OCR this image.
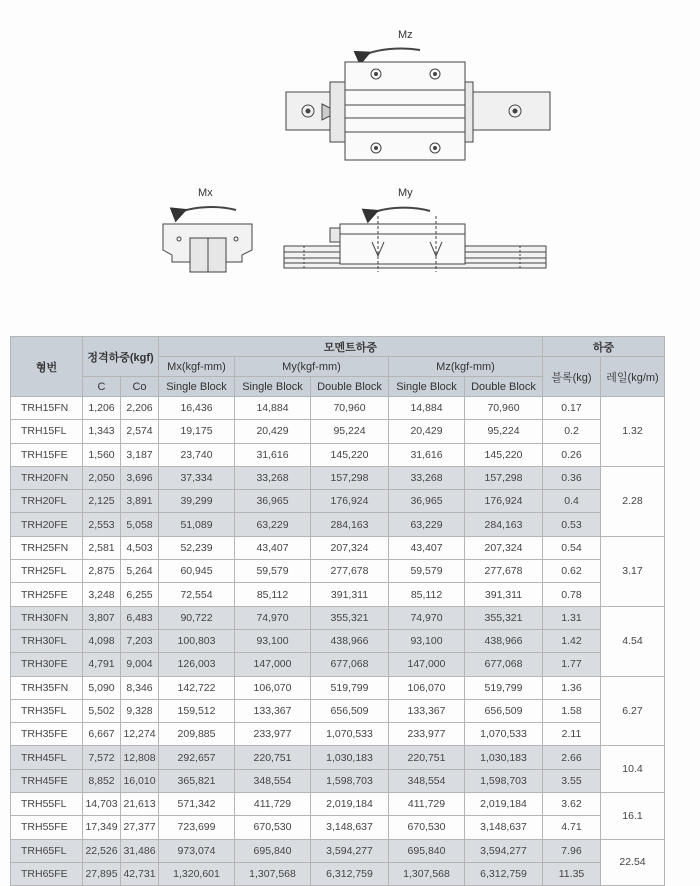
Mz
Mx	My
형번	정격하중(kgf)		모멘트하중					하중	
			Mx(kgf-mm)	My(kgf-mm)		Mz(kgf-mm)		블록(kg)	레일(kg/m)
	C	Co	Single Block	Single Block	Double Block	Single Block	Double Block		
TRH15FN	1,206	2,206	16,436	14,884	70,960	14,884	70,960	0.17	1.32
TRH15FL	1,343	2,574	19,175	20,429	95,224	20,429	95,224	0.2	
TRH15FE	1,560	3,187	23,740	31,616	145,220	31,616	145,220	0.26	
TRH20FN	2,050	3,696	37,334	33,268	157,298	33,268	157,298	0.36	2.28
TRH20FL	2,125	3,891	39,299	36,965	176,924	36,965	176,924	0.4	
TRH20FE	2,553	5,058	51,089	63,229	284,163	63,229	284,163	0.53	
TRH25FN	2,581	4,503	52,239	43,407	207,324	43,407	207,324	0.54	3.17
TRH25FL	2,875	5,264	60,945	59,579	277,678	59,579	277,678	0.62	
TRH25FE	3,248	6,255	72,554	85,112	391,311	85,112	391,311	0.78	
TRH30FN	3,807	6,483	90,722	74,970	355,321	74,970	355,321	1.31	4.54
TRH30FL	4,098	7,203	100,803	93,100	438,966	93,100	438,966	1.42	
TRH30FE	4,791	9,004	126,003	147,000	677,068	147,000	677,068	1.77	
TRH35FN	5,090	8,346	142,722	106,070	519,799	106,070	519,799	1.36	6.27
TRH35FL	5,502	9,328	159,512	133,367	656,509	133,367	656,509	1.58	
TRH35FE	6,667	12,274	209,885	233,977	1,070,533	233,977	1,070,533	2.11	
TRH45FL	7,572	12,808	292,657	220,751	1,030,183	220,751	1,030,183	2.66	10.4
TRH45FE	8,852	16,010	365,821	348,554	1,598,703	348,554	1,598,703	3.55	
TRH55FL	14,703	21,613	571,342	411,729	2,019,184	411,729	2,019,184	3.62	16.1
TRH55FE	17,349	27,377	723,699	670,530	3,148,637	670,530	3,148,637	4.71	
TRH65FL	22,526	31,486	973,074	695,840	3,594,277	695,840	3,594,277	7.96	22.54
TRH65FE	27,895	42,731	1,320,601	1,307,568	6,312,759	1,307,568	6,312,759	11.35	
